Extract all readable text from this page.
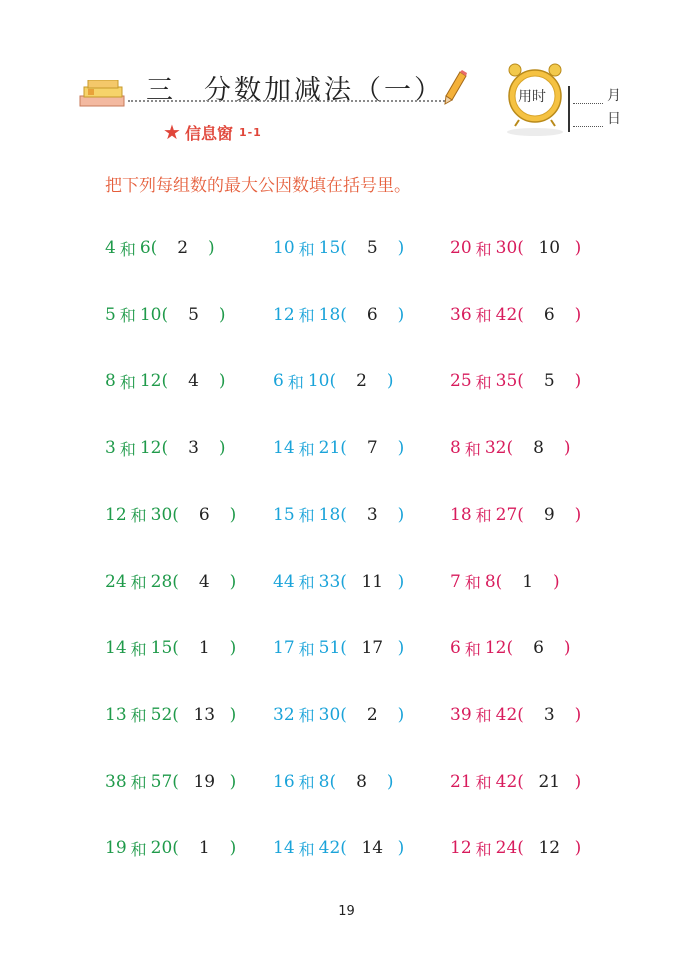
三 分数加减法（一）
★ 信息窗 1-1
用时	月
日
把下列每组数的最大公因数填在括号里。
4 和 6 ( 2 )	10 和 15 ( 5 )	20 和 30 ( 10 )
5 和 10 ( 5 )	12 和 18 ( 6 )	36 和 42 ( 6 )
8 和 12 ( 4 )	6 和 10 ( 2 )	25 和 35 ( 5 )
3 和 12 ( 3 )	14 和 21 ( 7 )	8 和 32 ( 8 )
12 和 30 ( 6 ) 15 和 18 ( 3 )	18 和 27 ( 9 )
24 和 28 ( 4 ) 44 和 33 ( 11 )	7 和 8 ( 1 )
14 和 15 ( 1 ) 17 和 51 ( 17 )	6 和 12 ( 6 )
13 和 52 ( 13 ) 32 和 30 ( 2 )	39 和 42 ( 3 )
38 和 57 ( 19 ) 16 和 8 ( 8 )	21 和 42 ( 21 )
19 和 20 ( 1 ) 14 和 42 ( 14 )	12 和 24 ( 12 )
19
